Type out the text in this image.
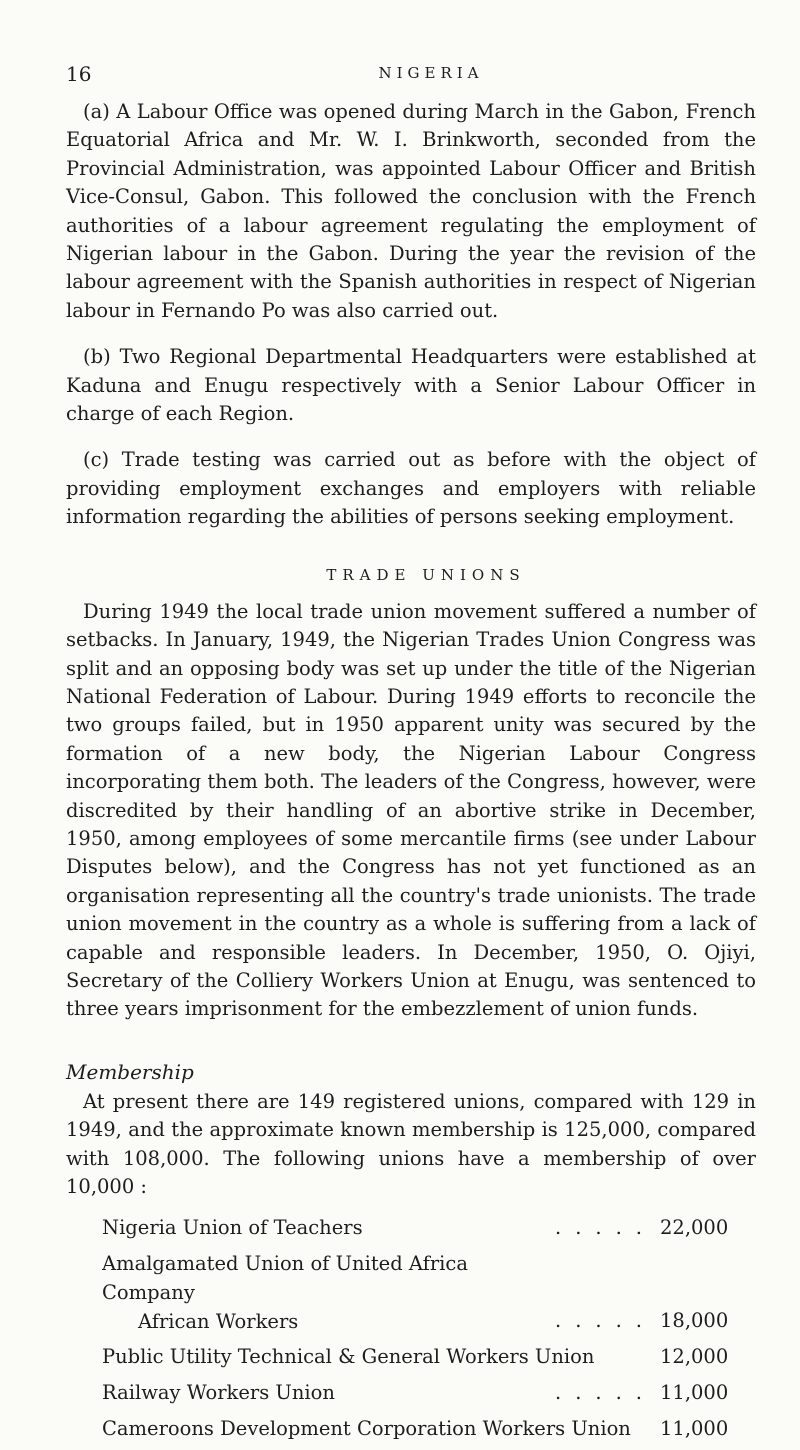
16	NIGERIA

(a) A Labour Office was opened during March in the Gabon, French Equatorial Africa and Mr. W. I. Brinkworth, seconded from the Provincial Administration, was appointed Labour Officer and British Vice-Consul, Gabon. This followed the conclusion with the French authorities of a labour agreement regulating the employment of Nigerian labour in the Gabon. During the year the revision of the labour agreement with the Spanish authorities in respect of Nigerian labour in Fernando Po was also carried out.

(b) Two Regional Departmental Headquarters were established at Kaduna and Enugu respectively with a Senior Labour Officer in charge of each Region.

(c) Trade testing was carried out as before with the object of providing employment exchanges and employers with reliable information regarding the abilities of persons seeking employment.

TRADE UNIONS

During 1949 the local trade union movement suffered a number of setbacks. In January, 1949, the Nigerian Trades Union Congress was split and an opposing body was set up under the title of the Nigerian National Federation of Labour. During 1949 efforts to reconcile the two groups failed, but in 1950 apparent unity was secured by the formation of a new body, the Nigerian Labour Congress incorporating them both. The leaders of the Congress, however, were discredited by their handling of an abortive strike in December, 1950, among employees of some mercantile firms (see under Labour Disputes below), and the Congress has not yet functioned as an organisation representing all the country's trade unionists. The trade union movement in the country as a whole is suffering from a lack of capable and responsible leaders. In December, 1950, O. Ojiyi, Secretary of the Colliery Workers Union at Enugu, was sentenced to three years imprisonment for the embezzlement of union funds.

Membership

At present there are 149 registered unions, compared with 129 in 1949, and the approximate known membership is 125,000, compared with 108,000. The following unions have a membership of over 10,000 :

Nigeria Union of Teachers	..... 22,000
Amalgamated Union of United Africa Company
African Workers	..... 18,000
Public Utility Technical & General Workers Union	12,000
Railway Workers Union	..... 11,000
Cameroons Development Corporation Workers Union	11,000
